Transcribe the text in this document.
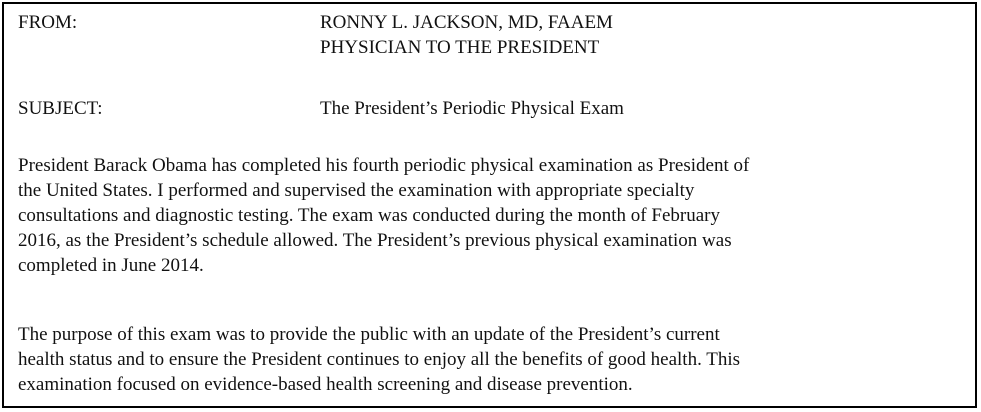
FROM:	RONNY L. JACKSON, MD, FAAEM
PHYSICIAN TO THE PRESIDENT
SUBJECT:	The President’s Periodic Physical Exam

President Barack Obama has completed his fourth periodic physical examination as President of
the United States. I performed and supervised the examination with appropriate specialty
consultations and diagnostic testing. The exam was conducted during the month of February
2016, as the President’s schedule allowed. The President’s previous physical examination was
completed in June 2014.

The purpose of this exam was to provide the public with an update of the President’s current
health status and to ensure the President continues to enjoy all the benefits of good health. This
examination focused on evidence-based health screening and disease prevention.
